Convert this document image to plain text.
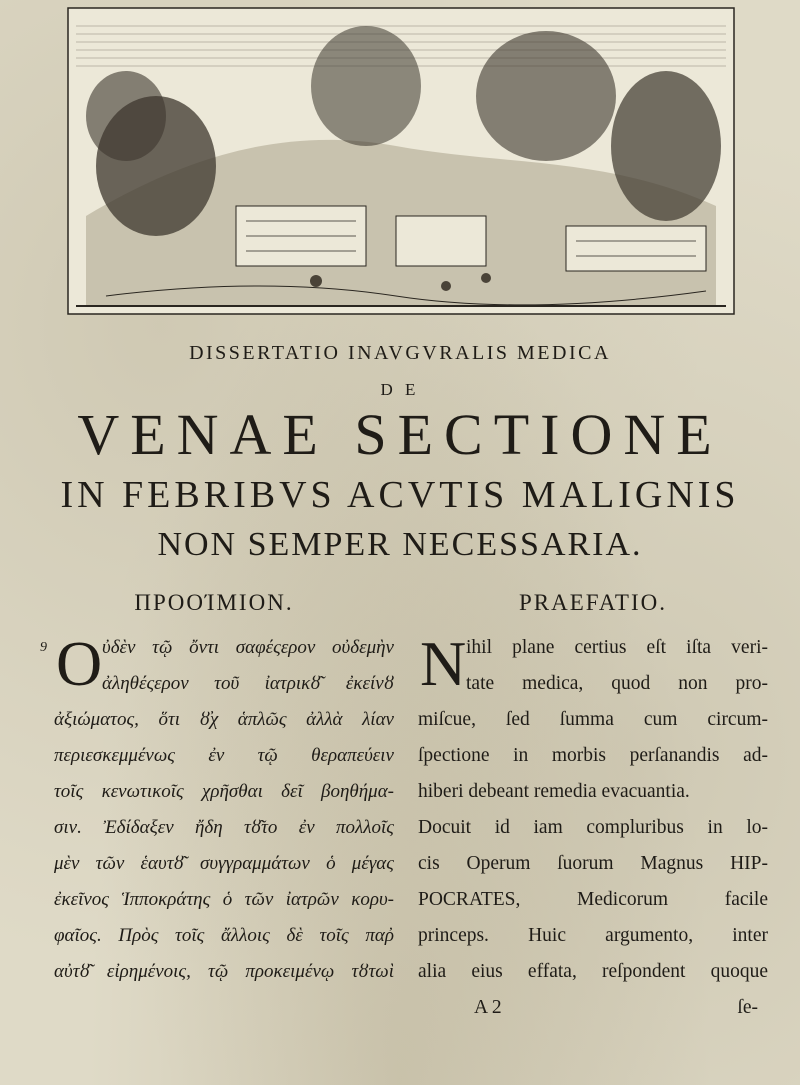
DISSERTATIO INAVGVRALIS MEDICA
D E
VENAE SECTIONE
IN FEBRIBVS ACVTIS MALIGNIS
NON SEMPER NECESSARIA.
ΠΡΟΟΊΜΙΟΝ.
9 O ὐδὲν τῷ ὄντι σαφέςερον οὐδεμὴν
ἀληθέςερον τοῦ ἰατρικȣ͂ ἐκείνȣ
ἀξιώματος, ὅτι ȣ̓χ ἁπλῶς ἀλλὰ λίαν
περιεσκεμμένως ἐν τῷ θεραπεύειν
τοῖς κενωτικοῖς χρῆσθαι δεῖ βοηθήμα-
σιν. Ἐδίδαξεν ἤδη τȣ͂το ἐν πολλοῖς
μὲν τῶν ἑαυτȣ͂ συγγραμμάτων ὁ μέγας
ἐκεῖνος Ἱπποκράτης ὁ τῶν ἰατρῶν κορυ-
φαῖος. Πρὸς τοῖς ἄλλοις δὲ τοῖς παῤ
αὐτȣ͂ εἰρημένοις, τῷ προκειμένῳ τȣτωὶ
PRAEFATIO.
N ihil plane certius eſt iſta veri-
tate medica, quod non pro-
miſcue, ſed ſumma cum circum-
ſpectione in morbis perſanandis ad-
hiberi debeant remedia evacuantia.
Docuit id iam compluribus in lo-
cis Operum ſuorum Magnus HIP-
POCRATES, Medicorum facile
princeps. Huic argumento, inter
alia eius effata, reſpondent quoque
A 2	ſe-
